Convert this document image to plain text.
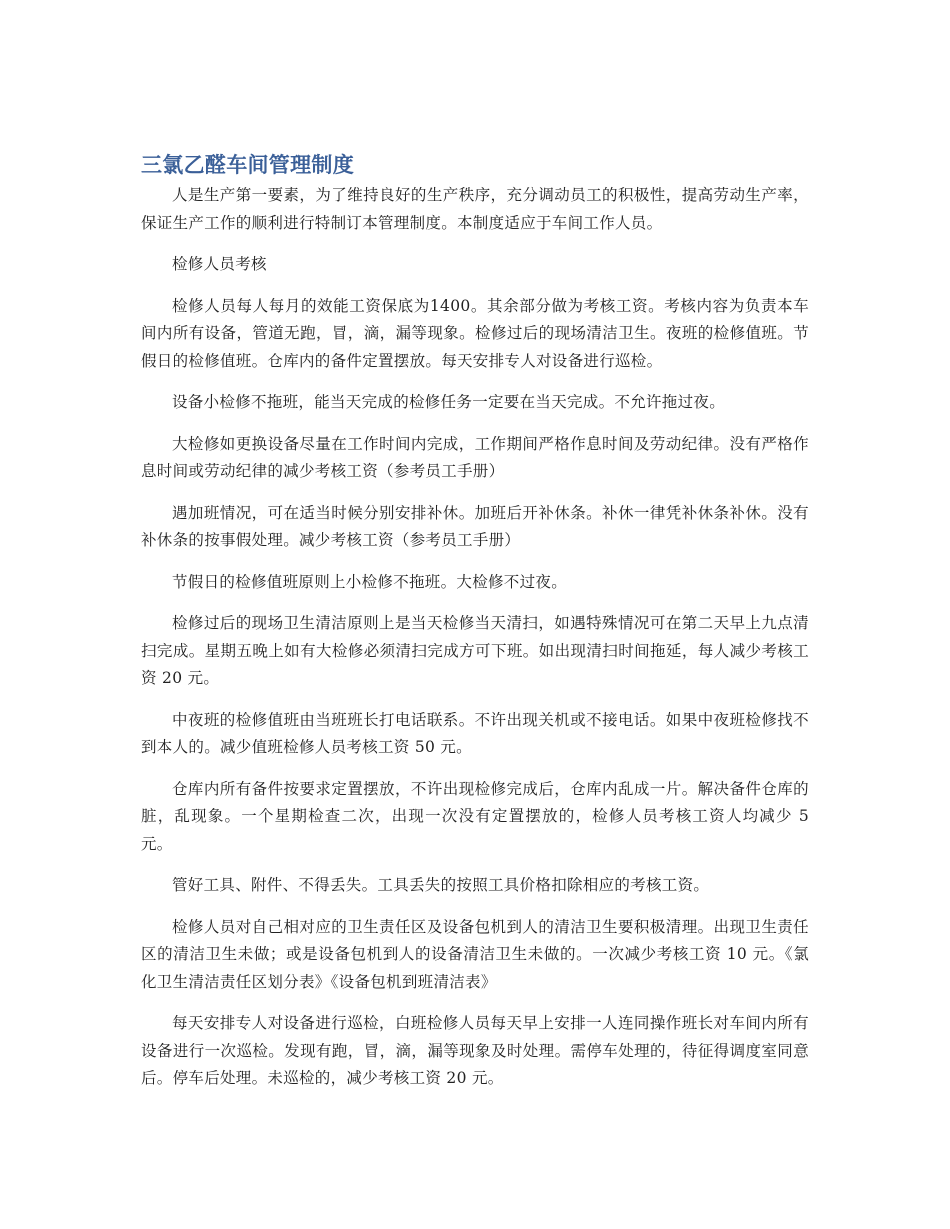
三氯乙醛车间管理制度

人是生产第一要素，为了维持良好的生产秩序，充分调动员工的积极性，提高劳动生产率，保证生产工作的顺利进行特制订本管理制度。本制度适应于车间工作人员。

检修人员考核

检修人员每人每月的效能工资保底为1400。其余部分做为考核工资。考核内容为负责本车间内所有设备，管道无跑，冒，滴，漏等现象。检修过后的现场清洁卫生。夜班的检修值班。节假日的检修值班。仓库内的备件定置摆放。每天安排专人对设备进行巡检。

设备小检修不拖班，能当天完成的检修任务一定要在当天完成。不允许拖过夜。

大检修如更换设备尽量在工作时间内完成，工作期间严格作息时间及劳动纪律。没有严格作息时间或劳动纪律的减少考核工资（参考员工手册）

遇加班情况，可在适当时候分别安排补休。加班后开补休条。补休一律凭补休条补休。没有补休条的按事假处理。减少考核工资（参考员工手册）

节假日的检修值班原则上小检修不拖班。大检修不过夜。

检修过后的现场卫生清洁原则上是当天检修当天清扫，如遇特殊情况可在第二天早上九点清扫完成。星期五晚上如有大检修必须清扫完成方可下班。如出现清扫时间拖延，每人减少考核工资 20 元。

中夜班的检修值班由当班班长打电话联系。不许出现关机或不接电话。如果中夜班检修找不到本人的。减少值班检修人员考核工资 50 元。

仓库内所有备件按要求定置摆放，不许出现检修完成后，仓库内乱成一片。解决备件仓库的脏，乱现象。一个星期检查二次，出现一次没有定置摆放的，检修人员考核工资人均减少 5 元。

管好工具、附件、不得丢失。工具丢失的按照工具价格扣除相应的考核工资。

检修人员对自己相对应的卫生责任区及设备包机到人的清洁卫生要积极清理。出现卫生责任区的清洁卫生未做；或是设备包机到人的设备清洁卫生未做的。一次减少考核工资 10 元。《氯化卫生清洁责任区划分表》《设备包机到班清洁表》

每天安排专人对设备进行巡检，白班检修人员每天早上安排一人连同操作班长对车间内所有设备进行一次巡检。发现有跑，冒，滴，漏等现象及时处理。需停车处理的，待征得调度室同意后。停车后处理。未巡检的，减少考核工资 20 元。
